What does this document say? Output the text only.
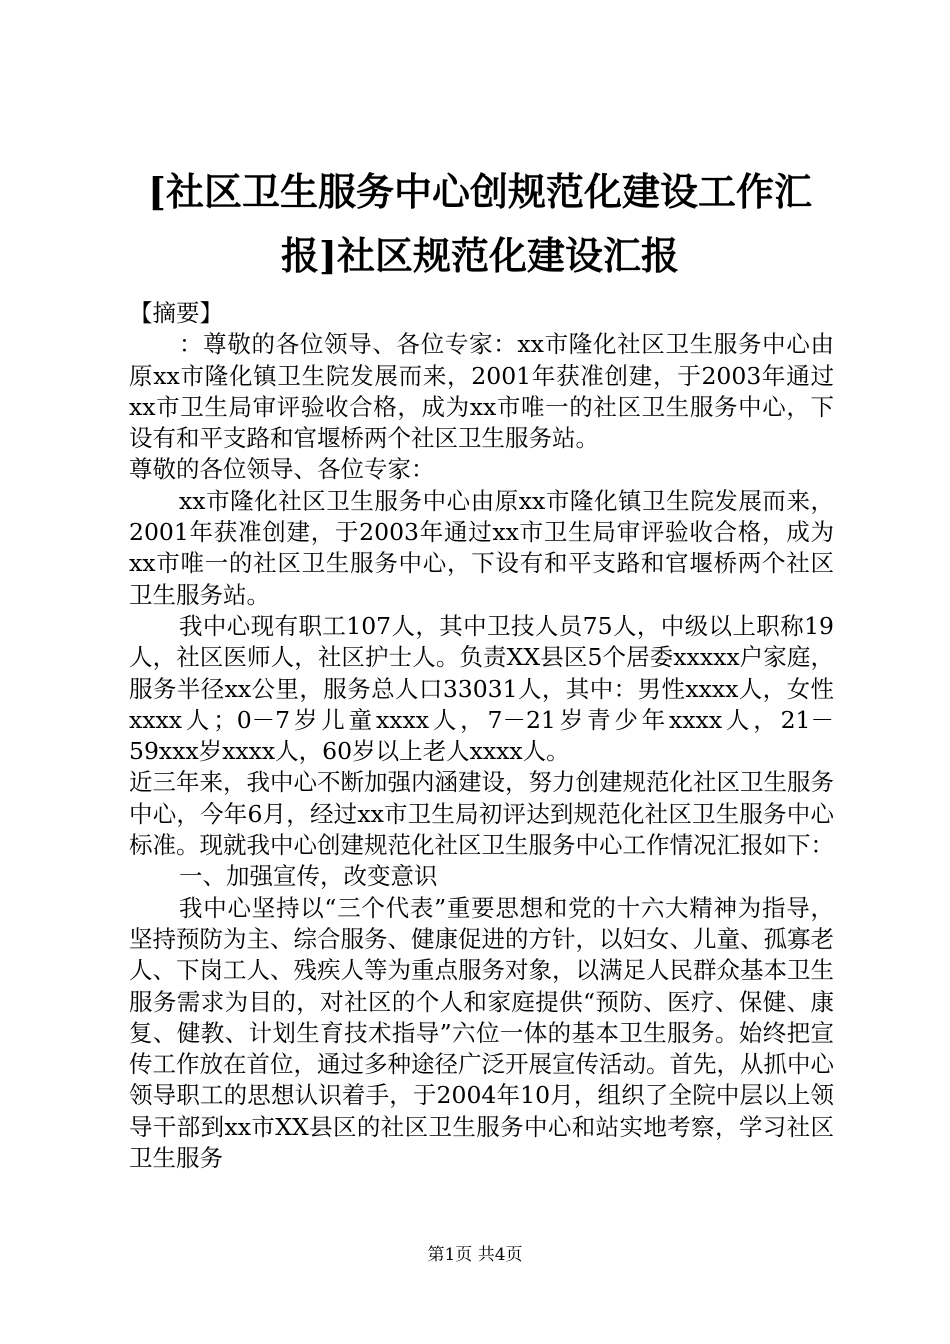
[社区卫生服务中心创规范化建设工作汇报]社区规范化建设汇报

【摘要】

：尊敬的各位领导、各位专家：xx市隆化社区卫生服务中心由原xx市隆化镇卫生院发展而来，2001年获准创建，于2003年通过xx市卫生局审评验收合格，成为xx市唯一的社区卫生服务中心，下设有和平支路和官堰桥两个社区卫生服务站。

尊敬的各位领导、各位专家：

xx市隆化社区卫生服务中心由原xx市隆化镇卫生院发展而来，2001年获准创建，于2003年通过xx市卫生局审评验收合格，成为xx市唯一的社区卫生服务中心，下设有和平支路和官堰桥两个社区卫生服务站。

我中心现有职工107人，其中卫技人员75人，中级以上职称19人，社区医师人，社区护士人。负责XX县区5个居委xxxxx户家庭，服务半径xx公里，服务总人口33031人，其中：男性xxxx人，女性xxxx人；0－7岁儿童xxxx人，7－21岁青少年xxxx人，21－59xxx岁xxxx人，60岁以上老人xxxx人。

近三年来，我中心不断加强内涵建设，努力创建规范化社区卫生服务中心，今年6月，经过xx市卫生局初评达到规范化社区卫生服务中心标准。现就我中心创建规范化社区卫生服务中心工作情况汇报如下：

一、加强宣传，改变意识

我中心坚持以“三个代表”重要思想和党的十六大精神为指导，坚持预防为主、综合服务、健康促进的方针，以妇女、儿童、孤寡老人、下岗工人、残疾人等为重点服务对象，以满足人民群众基本卫生服务需求为目的，对社区的个人和家庭提供“预防、医疗、保健、康复、健教、计划生育技术指导”六位一体的基本卫生服务。始终把宣传工作放在首位，通过多种途径广泛开展宣传活动。首先，从抓中心领导职工的思想认识着手，于2004年10月，组织了全院中层以上领导干部到xx市XX县区的社区卫生服务中心和站实地考察，学习社区卫生服务

第1页 共4页
